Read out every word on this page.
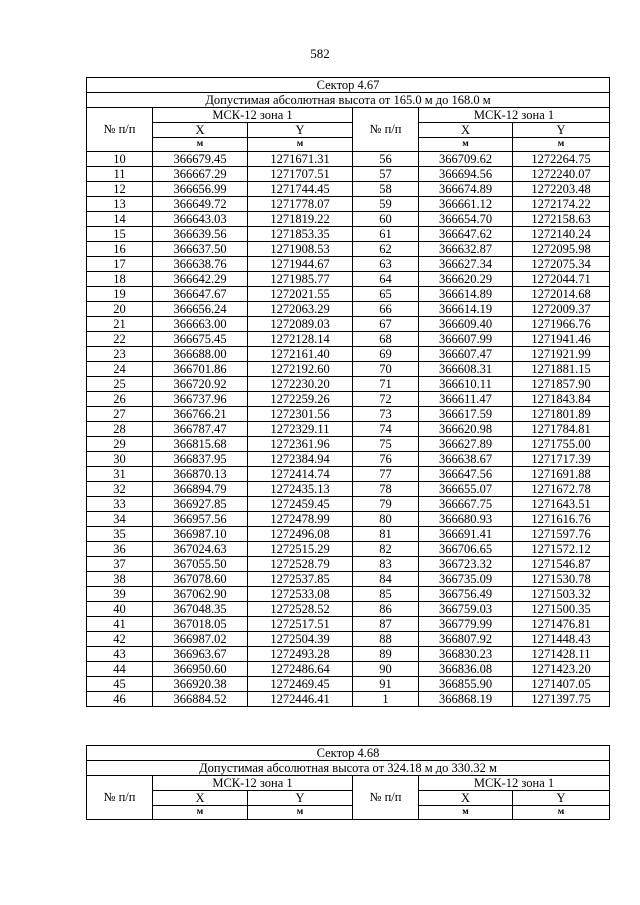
582
Сектор 4.67					
Допустимая абсолютная высота от 165.0 м до 168.0 м					
№ п/п	МСК-12 зона 1		№ п/п	МСК-12 зона 1	
	X	Y		X	Y
	м	м		м	м
10	366679.45	1271671.31	56	366709.62	1272264.75
11	366667.29	1271707.51	57	366694.56	1272240.07
12	366656.99	1271744.45	58	366674.89	1272203.48
13	366649.72	1271778.07	59	366661.12	1272174.22
14	366643.03	1271819.22	60	366654.70	1272158.63
15	366639.56	1271853.35	61	366647.62	1272140.24
16	366637.50	1271908.53	62	366632.87	1272095.98
17	366638.76	1271944.67	63	366627.34	1272075.34
18	366642.29	1271985.77	64	366620.29	1272044.71
19	366647.67	1272021.55	65	366614.89	1272014.68
20	366656.24	1272063.29	66	366614.19	1272009.37
21	366663.00	1272089.03	67	366609.40	1271966.76
22	366675.45	1272128.14	68	366607.99	1271941.46
23	366688.00	1272161.40	69	366607.47	1271921.99
24	366701.86	1272192.60	70	366608.31	1271881.15
25	366720.92	1272230.20	71	366610.11	1271857.90
26	366737.96	1272259.26	72	366611.47	1271843.84
27	366766.21	1272301.56	73	366617.59	1271801.89
28	366787.47	1272329.11	74	366620.98	1271784.81
29	366815.68	1272361.96	75	366627.89	1271755.00
30	366837.95	1272384.94	76	366638.67	1271717.39
31	366870.13	1272414.74	77	366647.56	1271691.88
32	366894.79	1272435.13	78	366655.07	1271672.78
33	366927.85	1272459.45	79	366667.75	1271643.51
34	366957.56	1272478.99	80	366680.93	1271616.76
35	366987.10	1272496.08	81	366691.41	1271597.76
36	367024.63	1272515.29	82	366706.65	1271572.12
37	367055.50	1272528.79	83	366723.32	1271546.87
38	367078.60	1272537.85	84	366735.09	1271530.78
39	367062.90	1272533.08	85	366756.49	1271503.32
40	367048.35	1272528.52	86	366759.03	1271500.35
41	367018.05	1272517.51	87	366779.99	1271476.81
42	366987.02	1272504.39	88	366807.92	1271448.43
43	366963.67	1272493.28	89	366830.23	1271428.11
44	366950.60	1272486.64	90	366836.08	1271423.20
45	366920.38	1272469.45	91	366855.90	1271407.05
46	366884.52	1272446.41	1	366868.19	1271397.75
Сектор 4.68					
Допустимая абсолютная высота от 324.18 м до 330.32 м					
№ п/п	МСК-12 зона 1		№ п/п	МСК-12 зона 1	
	X	Y		X	Y
	м	м		м	м
